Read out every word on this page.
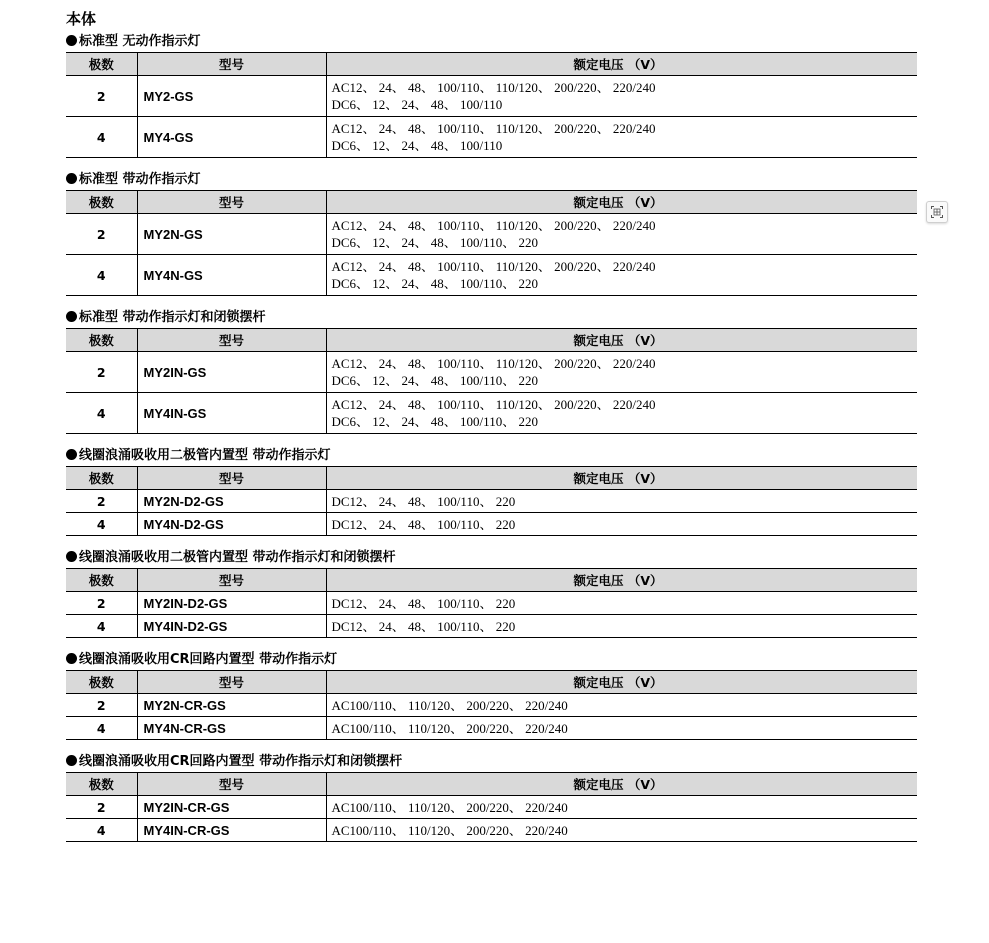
本体
标准型 无动作指示灯
极数	型号	额定电压 （V）
2	MY2-GS	AC12、 24、 48、 100/110、 110/120、 200/220、 220/240
DC6、 12、 24、 48、 100/110

4	MY4-GS	AC12、 24、 48、 100/110、 110/120、 200/220、 220/240
DC6、 12、 24、 48、 100/110
标准型 带动作指示灯
极数	型号	额定电压 （V）
2	MY2N-GS	AC12、 24、 48、 100/110、 110/120、 200/220、 220/240
DC6、 12、 24、 48、 100/110、 220

4	MY4N-GS	AC12、 24、 48、 100/110、 110/120、 200/220、 220/240
DC6、 12、 24、 48、 100/110、 220
标准型 带动作指示灯和闭锁摆杆
极数	型号	额定电压 （V）
2	MY2IN-GS	AC12、 24、 48、 100/110、 110/120、 200/220、 220/240
DC6、 12、 24、 48、 100/110、 220

4	MY4IN-GS	AC12、 24、 48、 100/110、 110/120、 200/220、 220/240
DC6、 12、 24、 48、 100/110、 220
线圈浪涌吸收用二极管内置型 带动作指示灯
极数	型号	额定电压 （V）
2	MY2N-D2-GS	DC12、 24、 48、 100/110、 220

4	MY4N-D2-GS	DC12、 24、 48、 100/110、 220
线圈浪涌吸收用二极管内置型 带动作指示灯和闭锁摆杆
极数	型号	额定电压 （V）
2	MY2IN-D2-GS	DC12、 24、 48、 100/110、 220

4	MY4IN-D2-GS	DC12、 24、 48、 100/110、 220
线圈浪涌吸收用CR回路内置型 带动作指示灯
极数	型号	额定电压 （V）
2	MY2N-CR-GS	AC100/110、 110/120、 200/220、 220/240

4	MY4N-CR-GS	AC100/110、 110/120、 200/220、 220/240
线圈浪涌吸收用CR回路内置型 带动作指示灯和闭锁摆杆
极数	型号	额定电压 （V）
2	MY2IN-CR-GS	AC100/110、 110/120、 200/220、 220/240

4	MY4IN-CR-GS	AC100/110、 110/120、 200/220、 220/240
